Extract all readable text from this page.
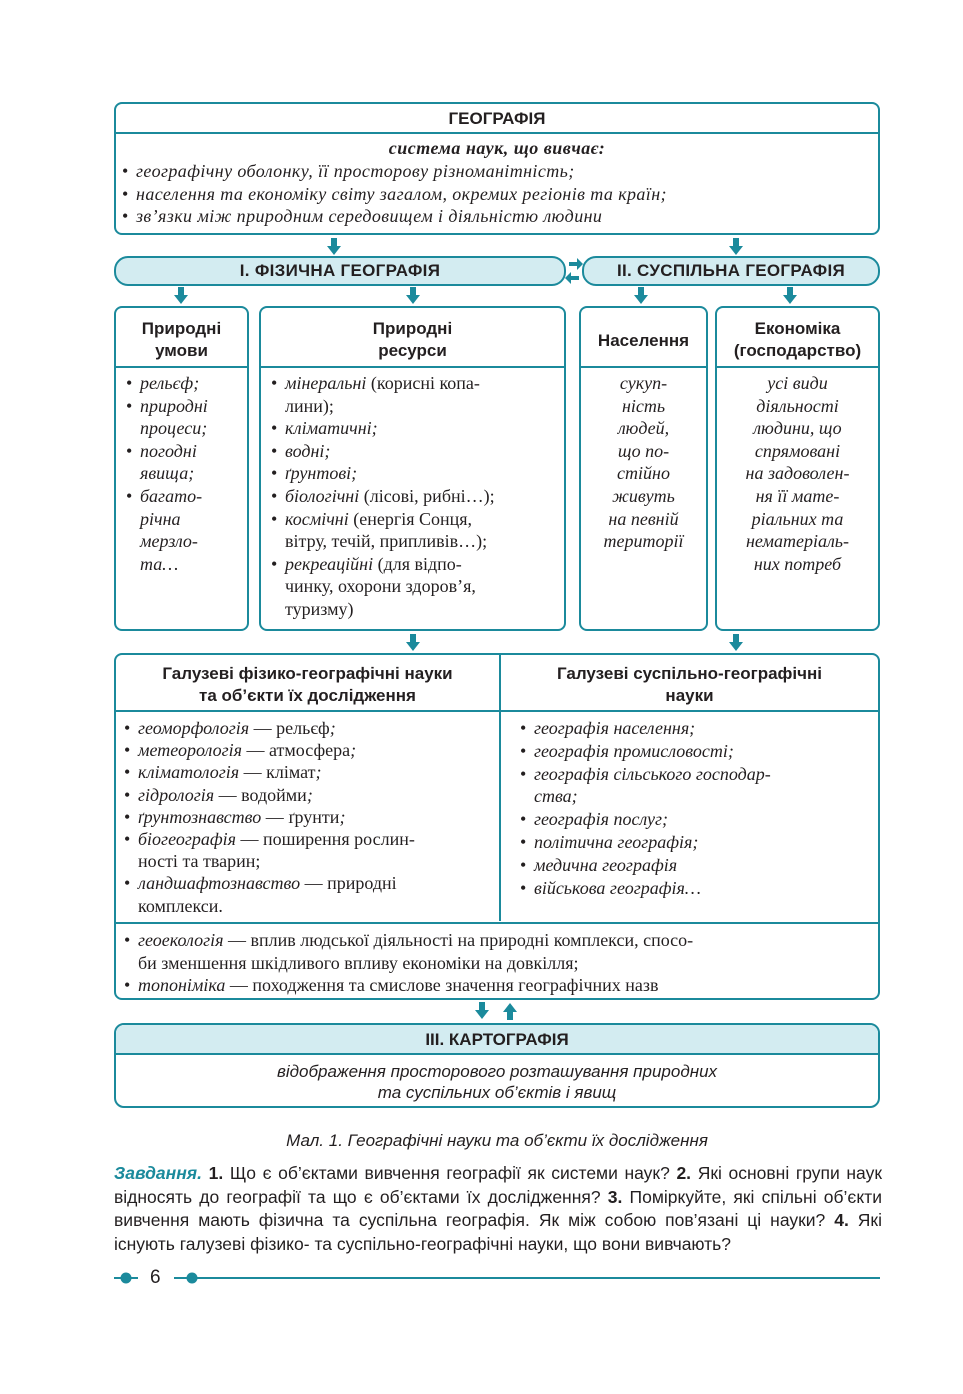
ГЕОГРАФІЯ
система наук, що вивчає:
• географічну оболонку, її просторову різноманітність;
• населення та економіку світу загалом, окремих регіонів та країн;
• зв’язки між природним середовищем і діяльністю людини
І. ФІЗИЧНА ГЕОГРАФІЯ	ІІ. СУСПІЛЬНА ГЕОГРАФІЯ
Природні
умови
• рельєф;
• природні
процеси;
• погодні
явища;
• багато-
річна
мерзло-
та…
Природні
ресурси
• мінеральні (корисні копа-
лини);
• кліматичні;
• водні;
• ґрунтові;
• біологічні (лісові, рибні…);
• космічні (енергія Сонця,
вітру, течій, припливів…);
• рекреаційні (для відпо-
чинку, охорони здоров’я,
туризму)
Населення
сукуп-
ність
людей,
що по-
стійно
живуть
на певній
території
Економіка
(господарство)
усі види
діяльності
людини, що
спрямовані
на задоволен-
ня її мате-
ріальних та
нематеріаль-
них потреб
Галузеві фізико-географічні науки
та об’єкти їх дослідження
Галузеві суспільно-географічні
науки
• геоморфологія — рельєф;
• метеорологія — атмосфера;
• кліматологія — клімат;
• гідрологія — водойми;
• ґрунтознавство — ґрунти;
• біогеографія — поширення рослин-
ності та тварин;
• ландшафтознавство — природні
комплекси.
• географія населення;
• географія промисловості;
• географія сільського господар-
ства;
• географія послуг;
• політична географія;
• медична географія
• військова географія…
• геоекологія — вплив людської діяльності на природні комплекси, спосо-
би зменшення шкідливого впливу економіки на довкілля;
• топоніміка — походження та смислове значення географічних назв
ІІІ. КАРТОГРАФІЯ
відображення просторового розташування природних
та суспільних об’єктів і явищ
Мал. 1. Географічні науки та об’єкти їх дослідження
Завдання. 1. Що є об’єктами вивчення географії як системи наук? 2. Які основні групи наук відносять до географії та що є об’єктами їх дослідження? 3. Поміркуйте, які спільні об’єкти вивчення мають фізична та суспільна географія. Як між собою пов’язані ці науки? 4. Які існують галузеві фізико- та суспільно-географічні науки, що вони вивчають?
6
